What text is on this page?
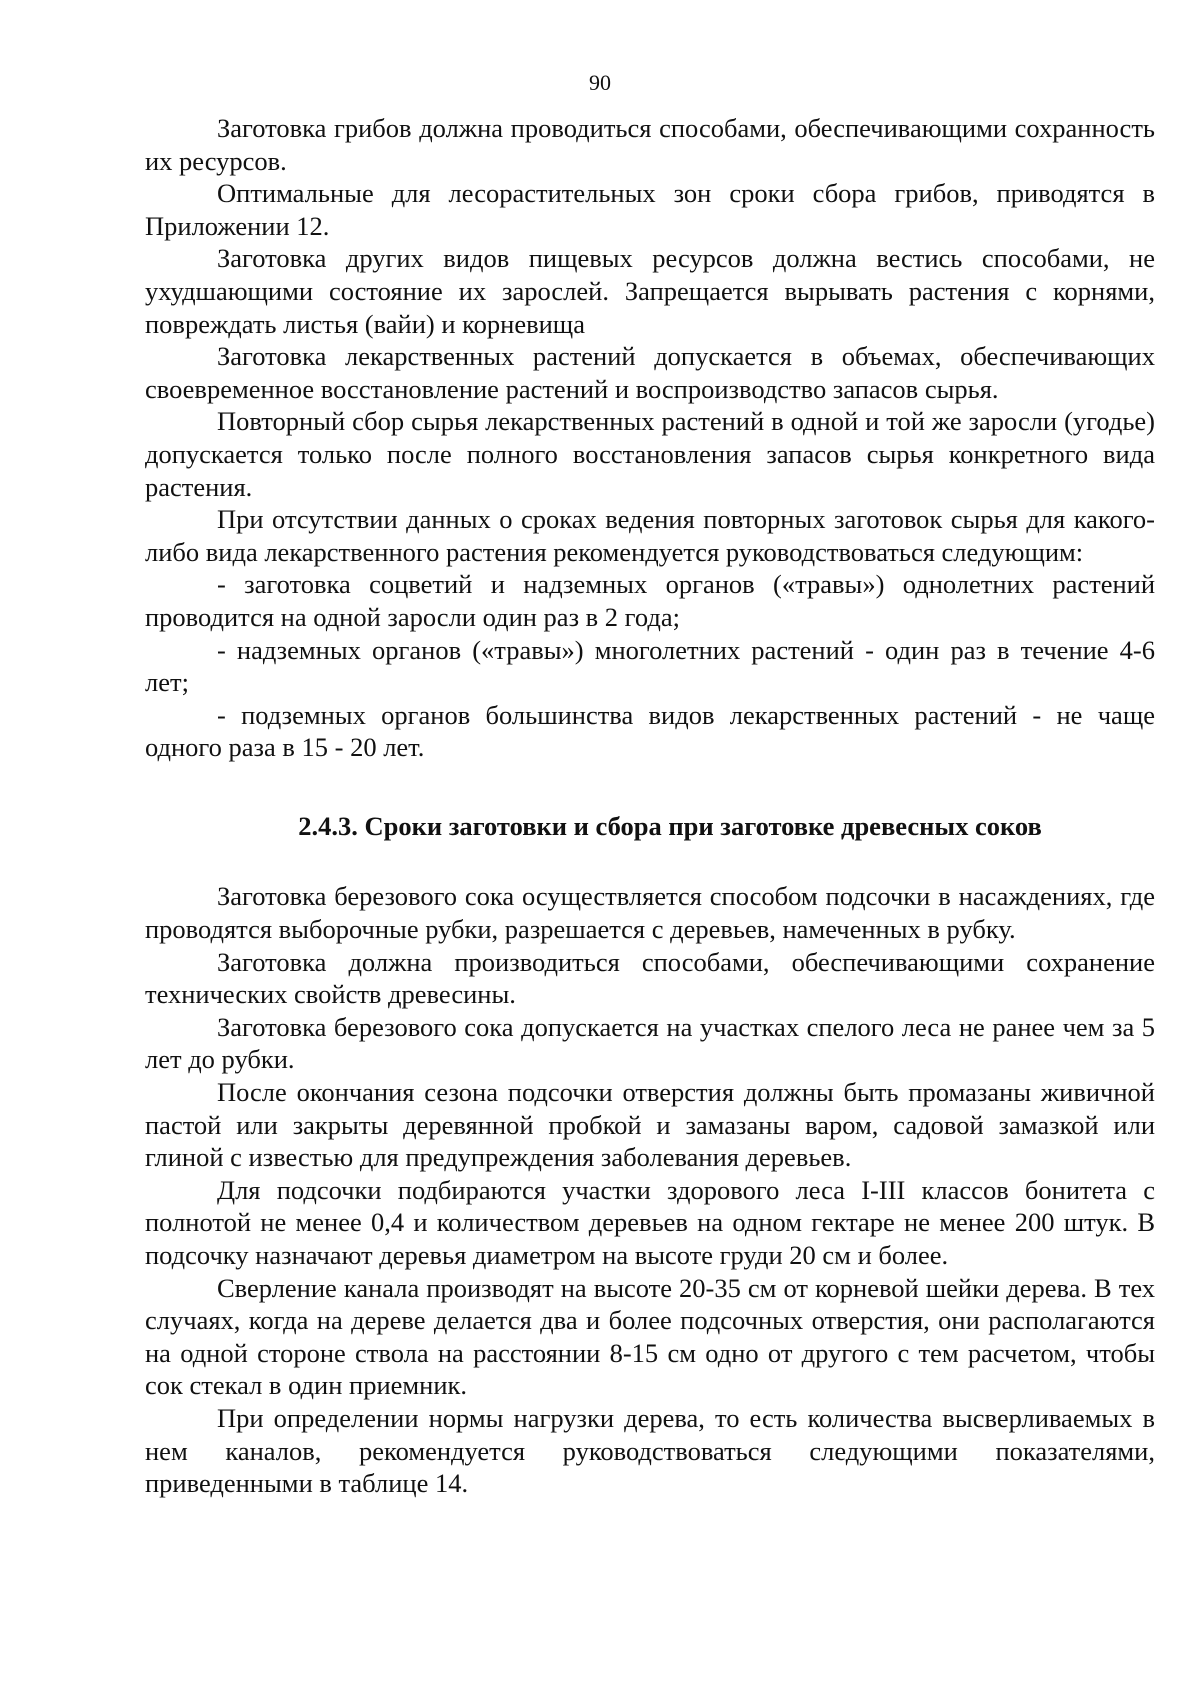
90

Заготовка грибов должна проводиться способами, обеспечивающими сохранность их ресурсов.

Оптимальные для лесорастительных зон сроки сбора грибов, приводятся в Приложении 12.

Заготовка других видов пищевых ресурсов должна вестись способами, не ухудшающими состояние их зарослей. Запрещается вырывать растения с корнями, повреждать листья (вайи) и корневища

Заготовка лекарственных растений допускается в объемах, обеспечивающих своевременное восстановление растений и воспроизводство запасов сырья.

Повторный сбор сырья лекарственных растений в одной и той же заросли (угодье) допускается только после полного восстановления запасов сырья конкретного вида растения.

При отсутствии данных о сроках ведения повторных заготовок сырья для какого-либо вида лекарственного растения рекомендуется руководствоваться следующим:

- заготовка соцветий и надземных органов («травы») однолетних растений проводится на одной заросли один раз в 2 года;

- надземных органов («травы») многолетних растений - один раз в течение 4-6 лет;

- подземных органов большинства видов лекарственных растений - не чаще одного раза в 15 - 20 лет.

2.4.3. Сроки заготовки и сбора при заготовке древесных соков

Заготовка березового сока осуществляется способом подсочки в насаждениях, где проводятся выборочные рубки, разрешается с деревьев, намеченных в рубку.

Заготовка должна производиться способами, обеспечивающими сохранение технических свойств древесины.

Заготовка березового сока допускается на участках спелого леса не ранее чем за 5 лет до рубки.

После окончания сезона подсочки отверстия должны быть промазаны живичной пастой или закрыты деревянной пробкой и замазаны варом, садовой замазкой или глиной с известью для предупреждения заболевания деревьев.

Для подсочки подбираются участки здорового леса I-III классов бонитета с полнотой не менее 0,4 и количеством деревьев на одном гектаре не менее 200 штук. В подсочку назначают деревья диаметром на высоте груди 20 см и более.

Сверление канала производят на высоте 20-35 см от корневой шейки дерева. В тех случаях, когда на дереве делается два и более подсочных отверстия, они располагаются на одной стороне ствола на расстоянии 8-15 см одно от другого с тем расчетом, чтобы сок стекал в один приемник.

При определении нормы нагрузки дерева, то есть количества высверливаемых в нем каналов, рекомендуется руководствоваться следующими показателями, приведенными в таблице 14.
